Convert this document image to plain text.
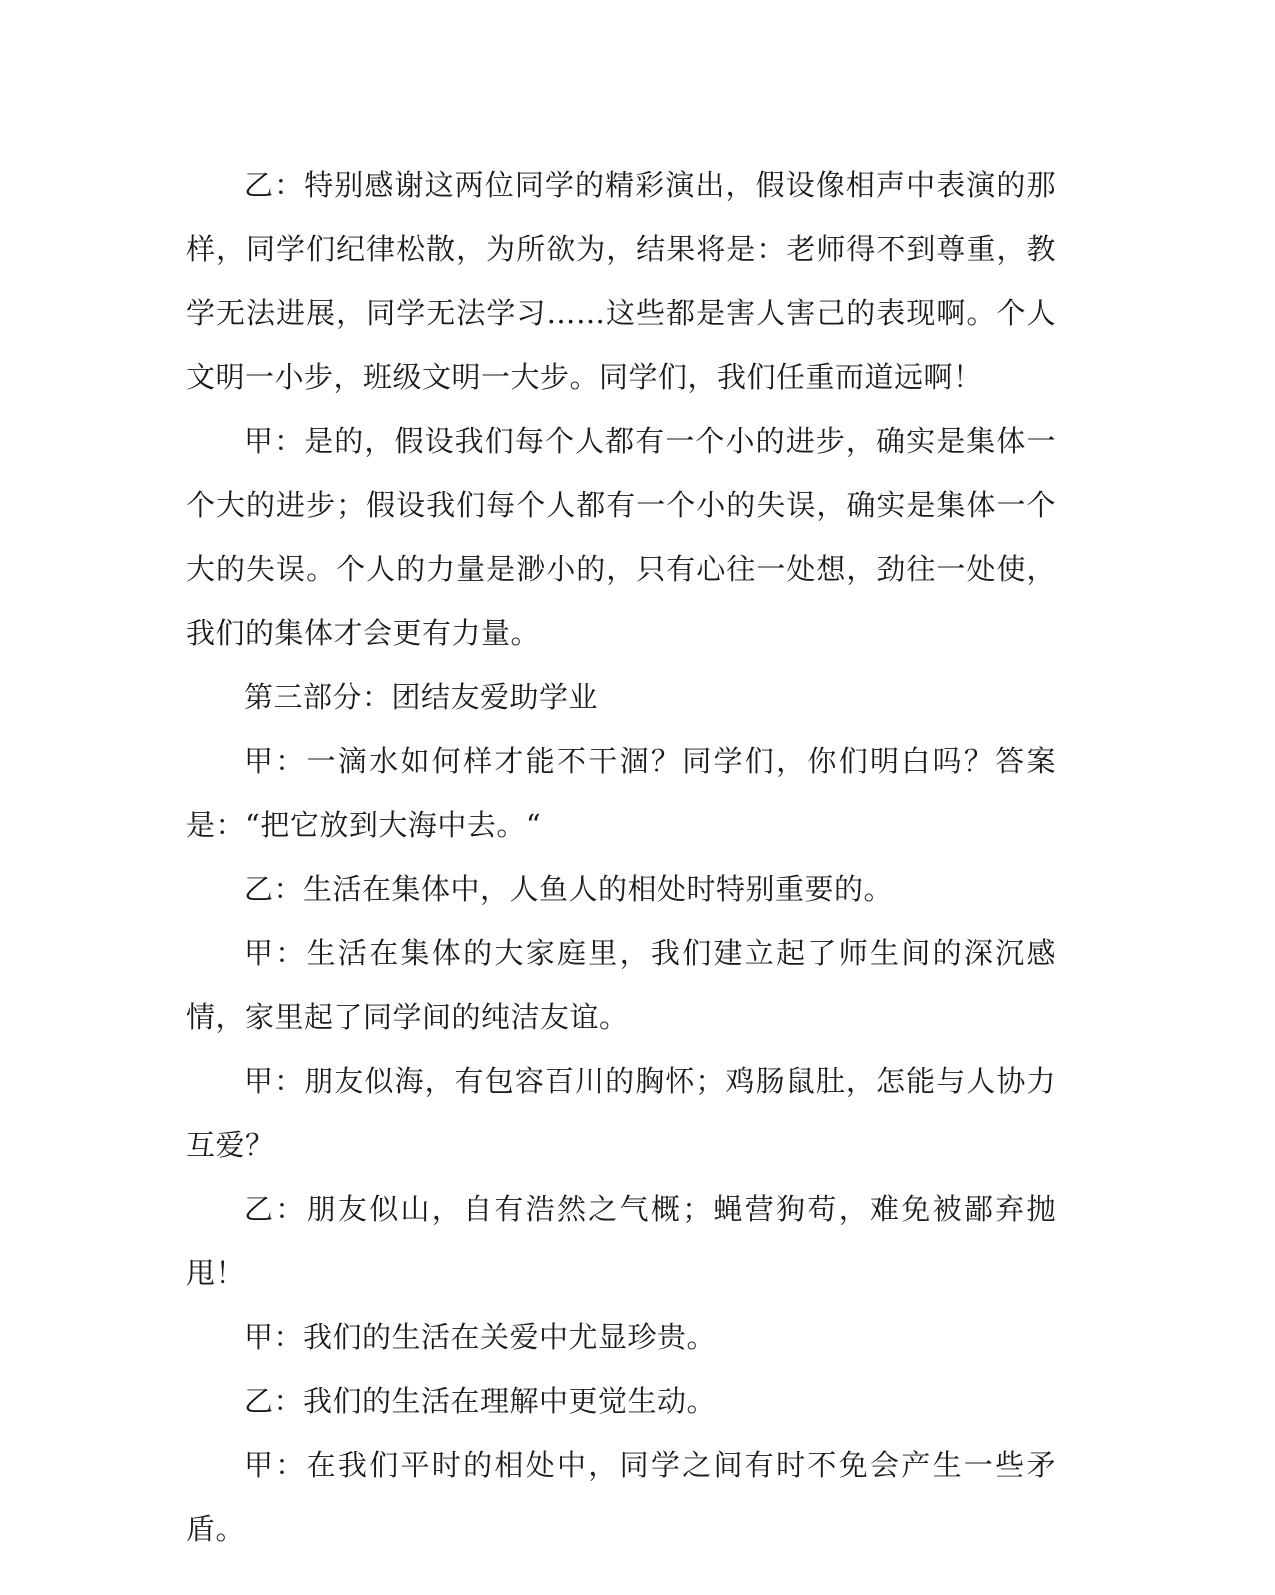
乙：特别感谢这两位同学的精彩演出，假设像相声中表演的那样，同学们纪律松散，为所欲为，结果将是：老师得不到尊重，教学无法进展，同学无法学习……这些都是害人害己的表现啊。个人文明一小步，班级文明一大步。同学们，我们任重而道远啊！

甲：是的，假设我们每个人都有一个小的进步，确实是集体一个大的进步；假设我们每个人都有一个小的失误，确实是集体一个大的失误。个人的力量是渺小的，只有心往一处想，劲往一处使，我们的集体才会更有力量。

第三部分：团结友爱助学业

甲：一滴水如何样才能不干涸？同学们，你们明白吗？答案是：“把它放到大海中去。“

乙：生活在集体中，人鱼人的相处时特别重要的。

甲：生活在集体的大家庭里，我们建立起了师生间的深沉感情，家里起了同学间的纯洁友谊。

甲：朋友似海，有包容百川的胸怀；鸡肠鼠肚，怎能与人协力互爱？

乙：朋友似山，自有浩然之气概；蝇营狗苟，难免被鄙弃抛甩！

甲：我们的生活在关爱中尤显珍贵。

乙：我们的生活在理解中更觉生动。

甲：在我们平时的相处中，同学之间有时不免会产生一些矛盾。
